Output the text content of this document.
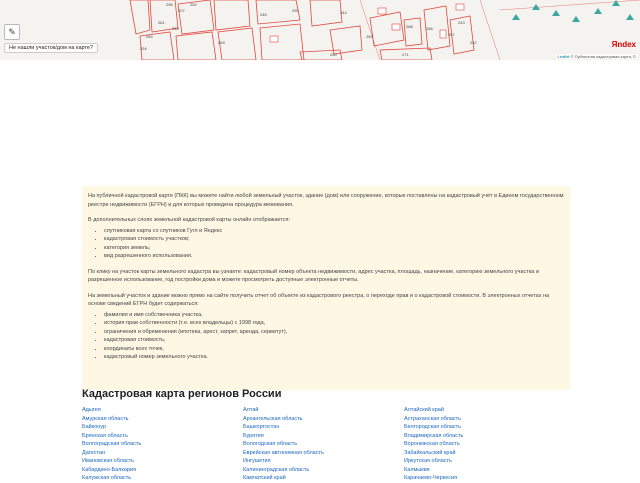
296
207
254
261
248
263
252
290
271
250
284
269
246
256
267
288
244
243
242
✎
Не нашли участок/дом на карте?	Яndex
Leaflet © Публичная кадастровая карта, ©

На публичной кадастровой карте (ПКК) вы можете найти любой земельный участок, здание (дом) или сооружение, которые поставлены на кадастровый учёт в Едином государственном реестре недвижимости (ЕГРН) и для которых проведена процедура межевания.

В дополнительных слоях земельной кадастровой карты онлайн отображается:

• спутниковая карта со спутников Гугл и Яндекс
• кадастровая стоимость участков;
• категория земель;
• вид разрешенного использования.

По клику на участок карты земельного кадастра вы узнаете: кадастровый номер объекта недвижимости, адрес участка, площадь, назначение, категорию земельного участка и разрешенное использование, год постройки дома и можете просмотреть доступные электронные отчеты.

На земельный участок и здание можно прямо на сайте получить отчет об объекте из кадастрового реестра, о переходе прав и о кадастровой стоимости. В электронных отчетах на основе сведений ЕГРН будет содержаться:

• фамилия и имя собственника участка,
• история прав собственности (т.е. всех владельцы) с 1998 года,
• ограничения и обременения (ипотека, арест, запрет, аренда, сервитут),
• кадастровая стоимость,
• координаты всех точек,
• кадастровый номер земельного участка.
Кадастровая карта регионов России
Адыгея
Амурская область
Байконур
Брянская область
Волгоградская область
Дагестан
Ивановская область
Кабардино-Балкария
Калужская область
Алтай
Архангельская область
Башкортостан
Бурятия
Вологодская область
Еврейская автономная область
Ингушетия
Калининградская область
Камчатский край
Алтайский край
Астраханская область
Белгородская область
Владимирская область
Воронежская область
Забайкальский край
Иркутская область
Калмыкия
Карачаево-Черкесия
